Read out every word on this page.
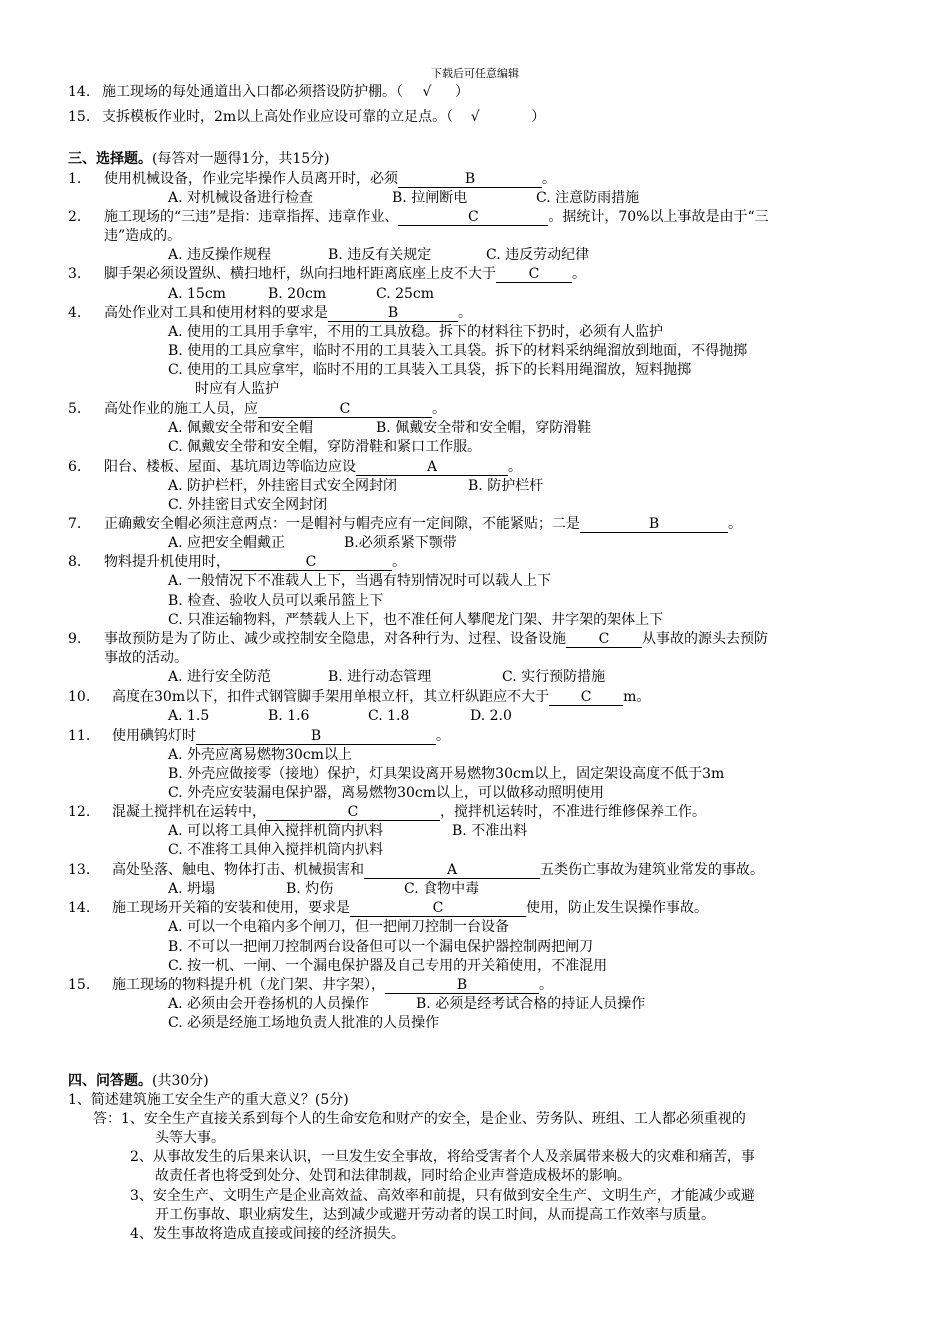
下载后可任意编辑
14. 施工现场的每处通道出入口都必须搭设防护棚。（ √ ）
15. 支拆模板作业时，2m以上高处作业应设可靠的立足点。（ √	）
三、选择题。(每答对一题得1分，共15分)
1. 使用机械设备，作业完毕操作人员离开时，必须	B	。
A. 对机械设备进行检查	B. 拉闸断电	C. 注意防雨措施
2. 施工现场的“三违”是指：违章指挥、违章作业、	C	。据统计，70%以上事故是由于“三
违”造成的。
A. 违反操作规程	B. 违反有关规定	C. 违反劳动纪律
3. 脚手架必须设置纵、横扫地杆，纵向扫地杆距离底座上皮不大于 C 。
A. 15cm	B. 20cm	C. 25cm
4. 高处作业对工具和使用材料的要求是	B	。
A. 使用的工具用手拿牢，不用的工具放稳。拆下的材料往下扔时，必须有人监护
B. 使用的工具应拿牢，临时不用的工具装入工具袋。拆下的材料采纳绳溜放到地面，不得抛掷
C. 使用的工具应拿牢，临时不用的工具装入工具袋，拆下的长料用绳溜放，短料抛掷
时应有人监护
5. 高处作业的施工人员，应	C	。
A. 佩戴安全带和安全帽	B. 佩戴安全带和安全帽，穿防滑鞋
C. 佩戴安全带和安全帽，穿防滑鞋和紧口工作服。
6. 阳台、楼板、屋面、基坑周边等临边应设	A	。
A. 防护栏杆，外挂密目式安全网封闭	B. 防护栏杆
C. 外挂密目式安全网封闭
7. 正确戴安全帽必须注意两点：一是帽衬与帽壳应有一定间隙，不能紧贴；二是	B	。
A. 应把安全帽戴正	B.必须系紧下颚带
8. 物料提升机使用时，	C	。
A. 一般情况下不准载人上下，当遇有特别情况时可以载人上下
B. 检查、验收人员可以乘吊篮上下
C. 只准运输物料，严禁载人上下，也不准任何人攀爬龙门架、井字架的架体上下
9. 事故预防是为了防止、减少或控制安全隐患，对各种行为、过程、设备设施 C 从事故的源头去预防
事故的活动。
A. 进行安全防范	B. 进行动态管理	C. 实行预防措施
10. 高度在30m以下，扣件式钢管脚手架用单根立杆，其立杆纵距应不大于 C m。
A. 1.5	B. 1.6	C. 1.8	D. 2.0
11. 使用碘钨灯时	B	。
A. 外壳应离易燃物30cm以上
B. 外壳应做接零（接地）保护，灯具架设离开易燃物30cm以上，固定架设高度不低于3m
C. 外壳应安装漏电保护器，离易燃物30cm以上，可以做移动照明使用
12. 混凝土搅拌机在运转中，	C	，搅拌机运转时，不准进行维修保养工作。
A. 可以将工具伸入搅拌机筒内扒料	B. 不准出料
C. 不准将工具伸入搅拌机筒内扒料
13. 高处坠落、触电、物体打击、机械损害和	A	五类伤亡事故为建筑业常发的事故。
A. 坍塌	B. 灼伤	C. 食物中毒
14. 施工现场开关箱的安装和使用，要求是	C	使用，防止发生误操作事故。
A. 可以一个电箱内多个闸刀，但一把闸刀控制一台设备
B. 不可以一把闸刀控制两台设备但可以一个漏电保护器控制两把闸刀
C. 按一机、一闸、一个漏电保护器及自己专用的开关箱使用，不准混用
15. 施工现场的物料提升机（龙门架、井字架），	B	。
A. 必须由会开卷扬机的人员操作	B. 必须是经考试合格的持证人员操作
C. 必须是经施工场地负责人批准的人员操作
四、问答题。(共30分)
1、简述建筑施工安全生产的重大意义？(5分)
答：1、安全生产直接关系到每个人的生命安危和财产的安全，是企业、劳务队、班组、工人都必须重视的
头等大事。
2、从事故发生的后果来认识，一旦发生安全事故，将给受害者个人及亲属带来极大的灾难和痛苦，事
故责任者也将受到处分、处罚和法律制裁，同时给企业声誉造成极坏的影响。
3、安全生产、文明生产是企业高效益、高效率和前提，只有做到安全生产、文明生产，才能减少或避
开工伤事故、职业病发生，达到减少或避开劳动者的误工时间，从而提高工作效率与质量。
4、发生事故将造成直接或间接的经济损失。
